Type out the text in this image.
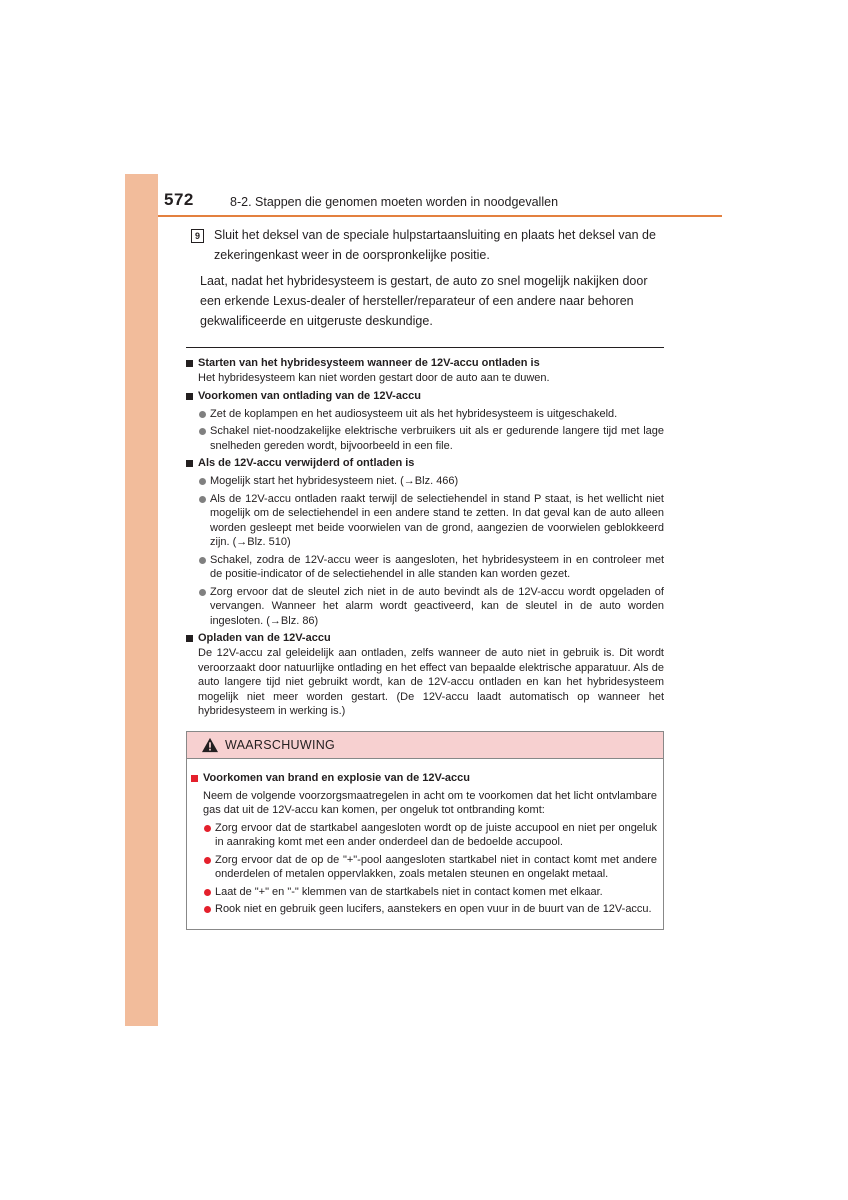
572	8-2. Stappen die genomen moeten worden in noodgevallen
9	Sluit het deksel van de speciale hulpstartaansluiting en plaats het deksel van de zekeringenkast weer in de oorspronkelijke positie.
Laat, nadat het hybridesysteem is gestart, de auto zo snel mogelijk nakijken door een erkende Lexus-dealer of hersteller/reparateur of een andere naar behoren gekwalificeerde en uitgeruste deskundige.
Starten van het hybridesysteem wanneer de 12V-accu ontladen is
Het hybridesysteem kan niet worden gestart door de auto aan te duwen.
Voorkomen van ontlading van de 12V-accu
Zet de koplampen en het audiosysteem uit als het hybridesysteem is uitgeschakeld.
Schakel niet-noodzakelijke elektrische verbruikers uit als er gedurende langere tijd met lage snelheden gereden wordt, bijvoorbeeld in een file.
Als de 12V-accu verwijderd of ontladen is
Mogelijk start het hybridesysteem niet. (→Blz. 466)
Als de 12V-accu ontladen raakt terwijl de selectiehendel in stand P staat, is het wellicht niet mogelijk om de selectiehendel in een andere stand te zetten. In dat geval kan de auto alleen worden gesleept met beide voorwielen van de grond, aangezien de voorwielen geblokkeerd zijn. (→Blz. 510)
Schakel, zodra de 12V-accu weer is aangesloten, het hybridesysteem in en controleer met de positie-indicator of de selectiehendel in alle standen kan worden gezet.
Zorg ervoor dat de sleutel zich niet in de auto bevindt als de 12V-accu wordt opgeladen of vervangen. Wanneer het alarm wordt geactiveerd, kan de sleutel in de auto worden ingesloten. (→Blz. 86)
Opladen van de 12V-accu
De 12V-accu zal geleidelijk aan ontladen, zelfs wanneer de auto niet in gebruik is. Dit wordt veroorzaakt door natuurlijke ontlading en het effect van bepaalde elektrische apparatuur. Als de auto langere tijd niet gebruikt wordt, kan de 12V-accu ontladen en kan het hybridesysteem mogelijk niet meer worden gestart. (De 12V-accu laadt automatisch op wanneer het hybridesysteem in werking is.)
WAARSCHUWING
Voorkomen van brand en explosie van de 12V-accu
Neem de volgende voorzorgsmaatregelen in acht om te voorkomen dat het licht ontvlambare gas dat uit de 12V-accu kan komen, per ongeluk tot ontbranding komt:
Zorg ervoor dat de startkabel aangesloten wordt op de juiste accupool en niet per ongeluk in aanraking komt met een ander onderdeel dan de bedoelde accupool.
Zorg ervoor dat de op de "+"-pool aangesloten startkabel niet in contact komt met andere onderdelen of metalen oppervlakken, zoals metalen steunen en ongelakt metaal.
Laat de "+" en "-" klemmen van de startkabels niet in contact komen met elkaar.
Rook niet en gebruik geen lucifers, aanstekers en open vuur in de buurt van de 12V-accu.
